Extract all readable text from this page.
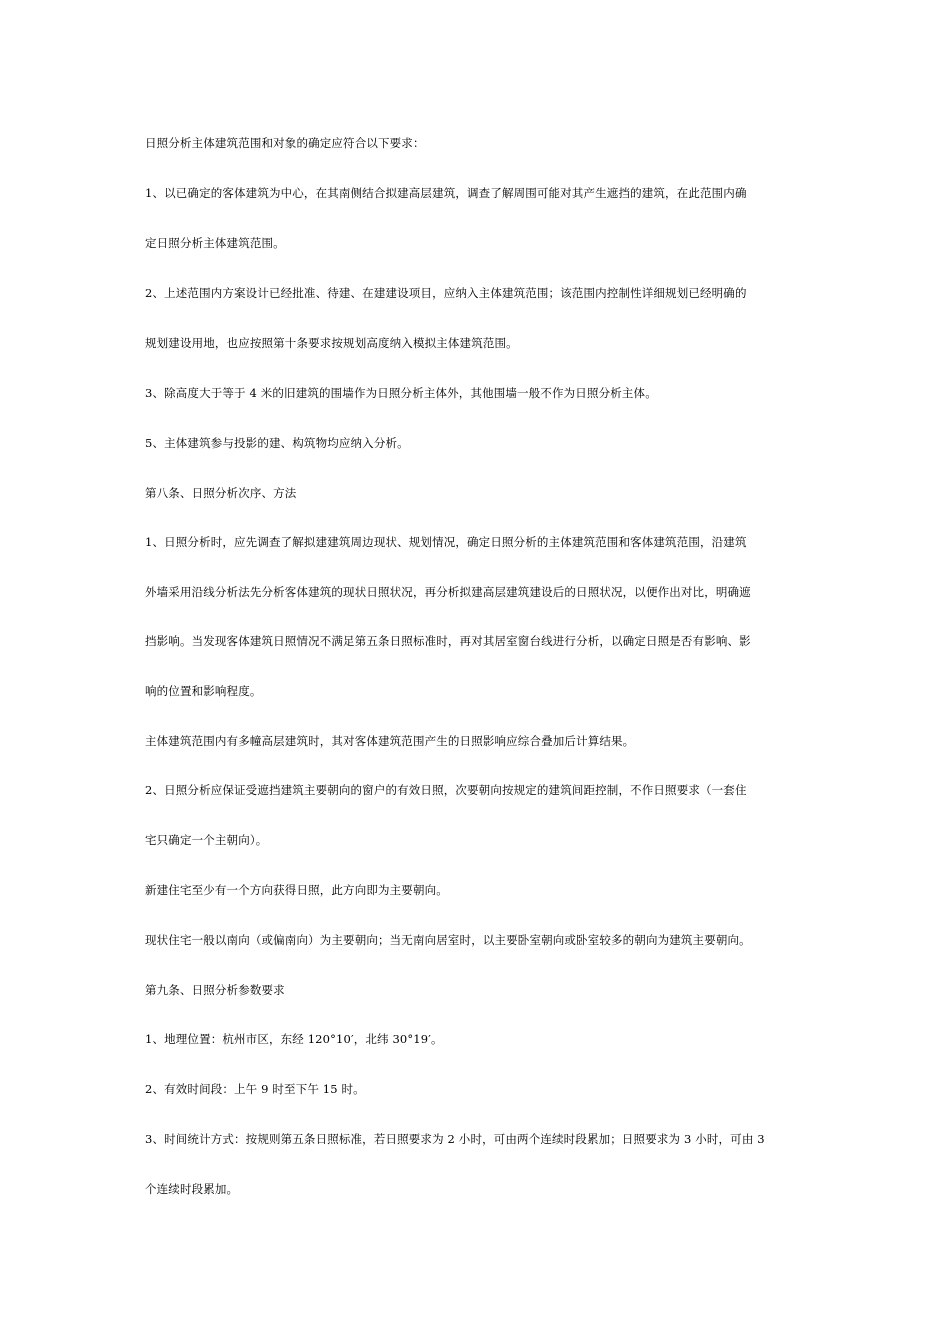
日照分析主体建筑范围和对象的确定应符合以下要求：
1、以已确定的客体建筑为中心，在其南侧结合拟建高层建筑，调查了解周围可能对其产生遮挡的建筑，在此范围内确
定日照分析主体建筑范围。
2、上述范围内方案设计已经批准、待建、在建建设项目，应纳入主体建筑范围；该范围内控制性详细规划已经明确的
规划建设用地，也应按照第十条要求按规划高度纳入模拟主体建筑范围。
3、除高度大于等于 4 米的旧建筑的围墙作为日照分析主体外，其他围墙一般不作为日照分析主体。
5、主体建筑参与投影的建、构筑物均应纳入分析。
第八条、日照分析次序、方法
1、日照分析时，应先调查了解拟建建筑周边现状、规划情况，确定日照分析的主体建筑范围和客体建筑范围，沿建筑
外墙采用沿线分析法先分析客体建筑的现状日照状况，再分析拟建高层建筑建设后的日照状况，以便作出对比，明确遮
挡影响。当发现客体建筑日照情况不满足第五条日照标准时，再对其居室窗台线进行分析，以确定日照是否有影响、影
响的位置和影响程度。
主体建筑范围内有多幢高层建筑时，其对客体建筑范围产生的日照影响应综合叠加后计算结果。
2、日照分析应保证受遮挡建筑主要朝向的窗户的有效日照，次要朝向按规定的建筑间距控制，不作日照要求（一套住
宅只确定一个主朝向）。
新建住宅至少有一个方向获得日照，此方向即为主要朝向。
现状住宅一般以南向（或偏南向）为主要朝向；当无南向居室时，以主要卧室朝向或卧室较多的朝向为建筑主要朝向。
第九条、日照分析参数要求
1、地理位置：杭州市区，东经 120°10′，北纬 30°19′。
2、有效时间段：上午 9 时至下午 15 时。
3、时间统计方式：按规则第五条日照标准，若日照要求为 2 小时，可由两个连续时段累加；日照要求为 3 小时，可由 3
个连续时段累加。
